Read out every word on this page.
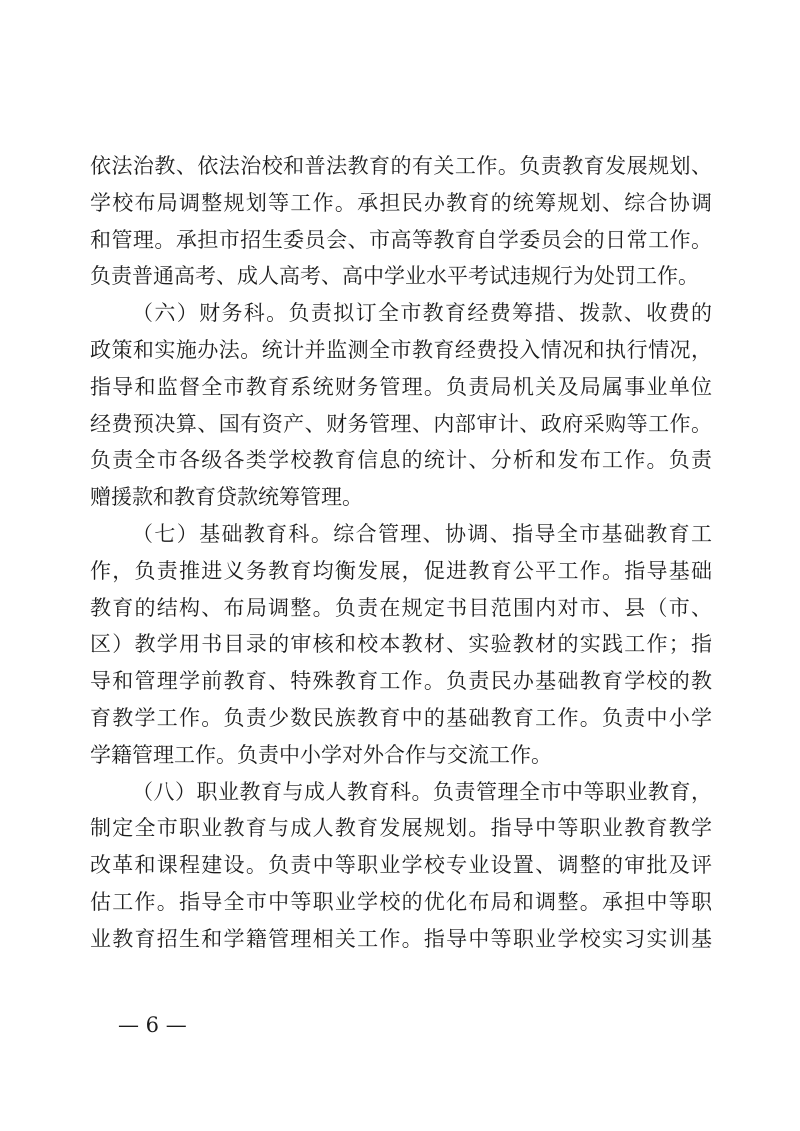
依法治教、依法治校和普法教育的有关工作。负责教育发展规划、
学校布局调整规划等工作。承担民办教育的统筹规划、综合协调
和管理。承担市招生委员会、市高等教育自学委员会的日常工作。
负责普通高考、成人高考、高中学业水平考试违规行为处罚工作。
（六）财务科。负责拟订全市教育经费筹措、拨款、收费的
政策和实施办法。统计并监测全市教育经费投入情况和执行情况，
指导和监督全市教育系统财务管理。负责局机关及局属事业单位
经费预决算、国有资产、财务管理、内部审计、政府采购等工作。
负责全市各级各类学校教育信息的统计、分析和发布工作。负责
赠援款和教育贷款统筹管理。
（七）基础教育科。综合管理、协调、指导全市基础教育工
作，负责推进义务教育均衡发展，促进教育公平工作。指导基础
教育的结构、布局调整。负责在规定书目范围内对市、县（市、
区）教学用书目录的审核和校本教材、实验教材的实践工作；指
导和管理学前教育、特殊教育工作。负责民办基础教育学校的教
育教学工作。负责少数民族教育中的基础教育工作。负责中小学
学籍管理工作。负责中小学对外合作与交流工作。
（八）职业教育与成人教育科。负责管理全市中等职业教育，
制定全市职业教育与成人教育发展规划。指导中等职业教育教学
改革和课程建设。负责中等职业学校专业设置、调整的审批及评
估工作。指导全市中等职业学校的优化布局和调整。承担中等职
业教育招生和学籍管理相关工作。指导中等职业学校实习实训基
— 6 —
